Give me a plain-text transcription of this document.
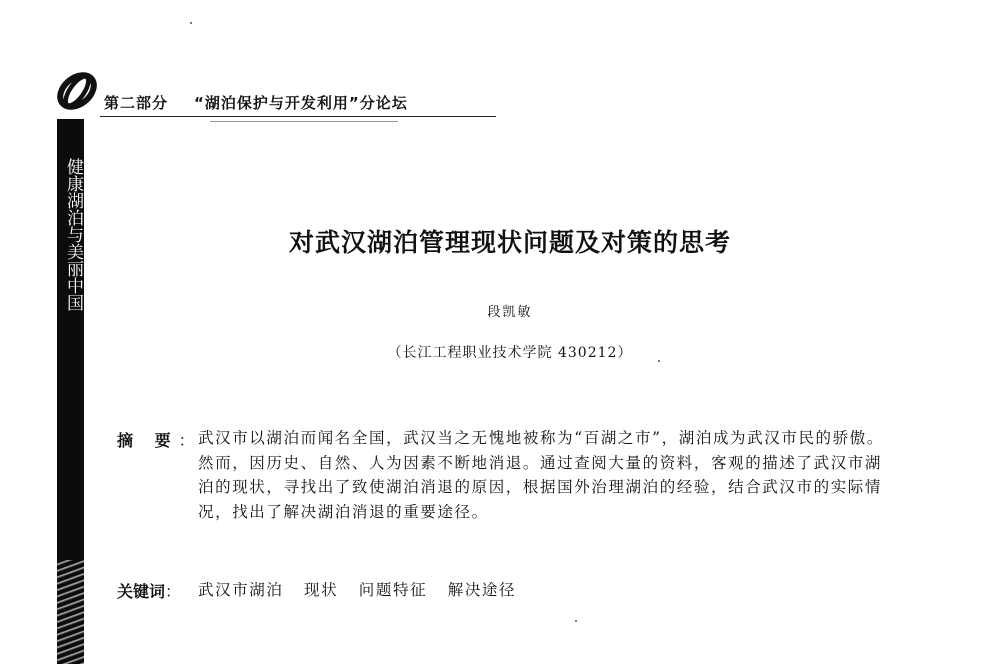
第二部分 “湖泊保护与开发利用”分论坛
健康湖泊与美丽中国	对武汉湖泊管理现状问题及对策的思考
段凯敏
（长江工程职业技术学院 430212）
摘 要： 武汉市以湖泊而闻名全国，武汉当之无愧地被称为“百湖之市”，湖泊成为武汉市民的骄傲。然而，因历史、自然、人为因素不断地消退。通过查阅大量的资料，客观的描述了武汉市湖泊的现状，寻找出了致使湖泊消退的原因，根据国外治理湖泊的经验，结合武汉市的实际情况，找出了解决湖泊消退的重要途径。

关键词： 武汉市湖泊 现状 问题特征 解决途径
